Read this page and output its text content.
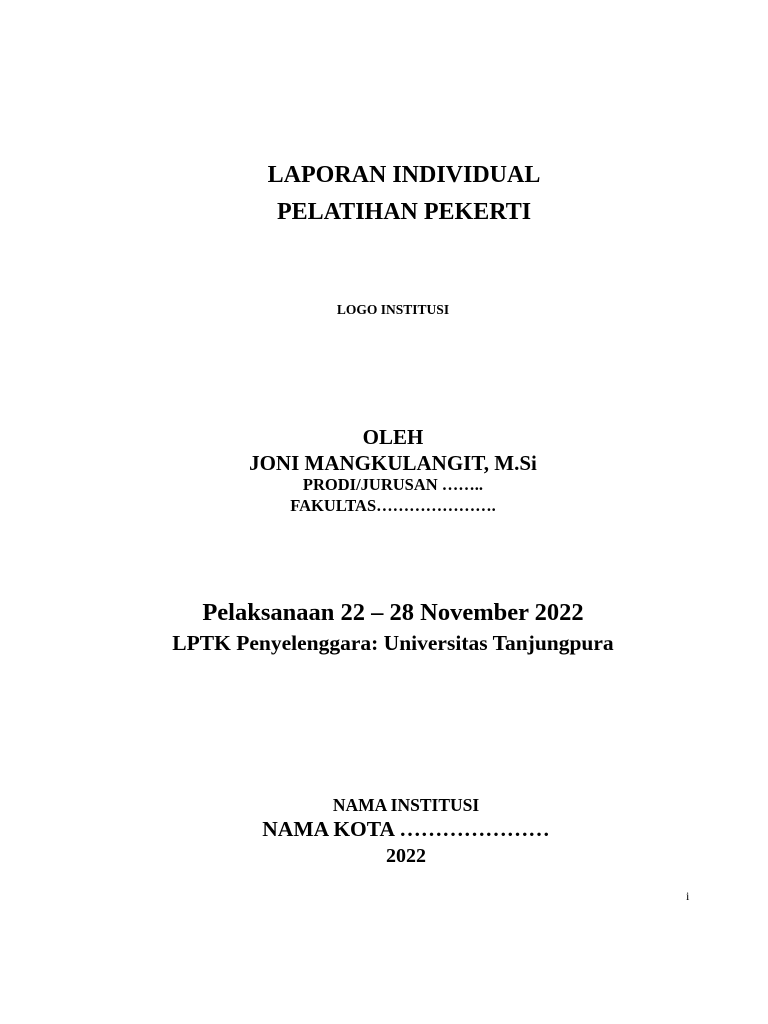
LAPORAN INDIVIDUAL
PELATIHAN PEKERTI
LOGO INSTITUSI
OLEH
JONI MANGKULANGIT, M.Si
PRODI/JURUSAN ……..
FAKULTAS………………….
Pelaksanaan 22 – 28 November 2022
LPTK Penyelenggara: Universitas Tanjungpura
NAMA INSTITUSI
NAMA KOTA …………………
2022
i
